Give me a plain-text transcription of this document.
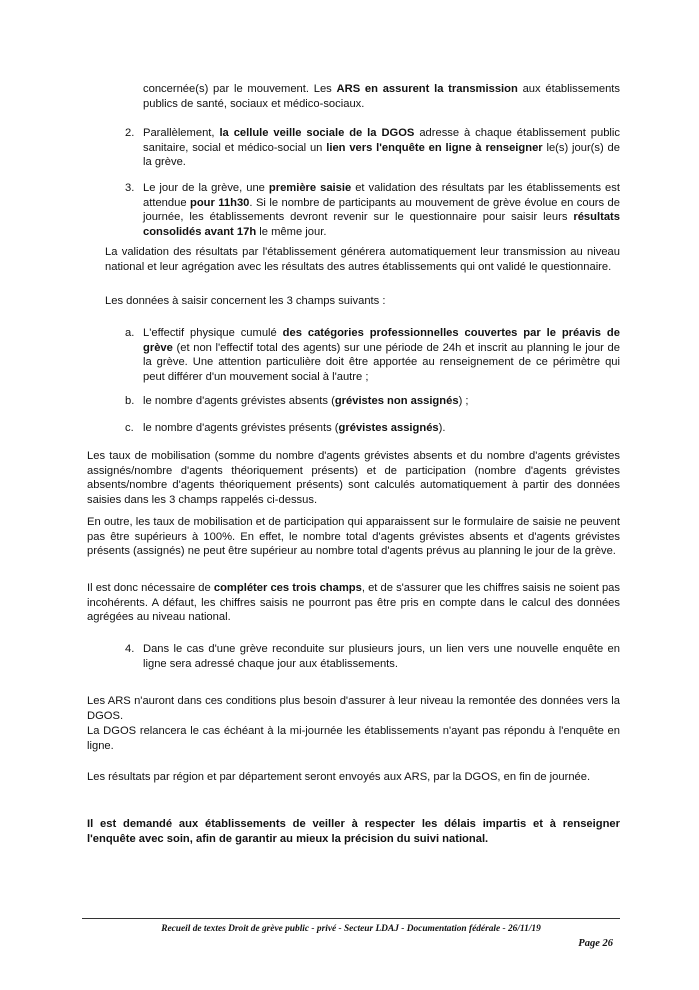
concernée(s) par le mouvement. Les ARS en assurent la transmission aux établissements publics de santé, sociaux et médico-sociaux.

2. Parallèlement, la cellule veille sociale de la DGOS adresse à chaque établissement public sanitaire, social et médico-social un lien vers l'enquête en ligne à renseigner le(s) jour(s) de la grève.

3. Le jour de la grève, une première saisie et validation des résultats par les établissements est attendue pour 11h30. Si le nombre de participants au mouvement de grève évolue en cours de journée, les établissements devront revenir sur le questionnaire pour saisir leurs résultats consolidés avant 17h le même jour.

La validation des résultats par l'établissement générera automatiquement leur transmission au niveau national et leur agrégation avec les résultats des autres établissements qui ont validé le questionnaire.

Les données à saisir concernent les 3 champs suivants :

a. L'effectif physique cumulé des catégories professionnelles couvertes par le préavis de grève (et non l'effectif total des agents) sur une période de 24h et inscrit au planning le jour de la grève. Une attention particulière doit être apportée au renseignement de ce périmètre qui peut différer d'un mouvement social à l'autre ;

b. le nombre d'agents grévistes absents (grévistes non assignés) ;

c. le nombre d'agents grévistes présents (grévistes assignés).

Les taux de mobilisation (somme du nombre d'agents grévistes absents et du nombre d'agents grévistes assignés/nombre d'agents théoriquement présents) et de participation (nombre d'agents grévistes absents/nombre d'agents théoriquement présents) sont calculés automatiquement à partir des données saisies dans les 3 champs rappelés ci-dessus.

En outre, les taux de mobilisation et de participation qui apparaissent sur le formulaire de saisie ne peuvent pas être supérieurs à 100%. En effet, le nombre total d'agents grévistes absents et d'agents grévistes présents (assignés) ne peut être supérieur au nombre total d'agents prévus au planning le jour de la grève.

Il est donc nécessaire de compléter ces trois champs, et de s'assurer que les chiffres saisis ne soient pas incohérents. A défaut, les chiffres saisis ne pourront pas être pris en compte dans le calcul des données agrégées au niveau national.

4. Dans le cas d'une grève reconduite sur plusieurs jours, un lien vers une nouvelle enquête en ligne sera adressé chaque jour aux établissements.

Les ARS n'auront dans ces conditions plus besoin d'assurer à leur niveau la remontée des données vers la DGOS.

La DGOS relancera le cas échéant à la mi-journée les établissements n'ayant pas répondu à l'enquête en ligne.

Les résultats par région et par département seront envoyés aux ARS, par la DGOS, en fin de journée.

Il est demandé aux établissements de veiller à respecter les délais impartis et à renseigner l'enquête avec soin, afin de garantir au mieux la précision du suivi national.

Recueil de textes Droit de grève public - privé - Secteur LDAJ - Documentation fédérale - 26/11/19
Page 26
